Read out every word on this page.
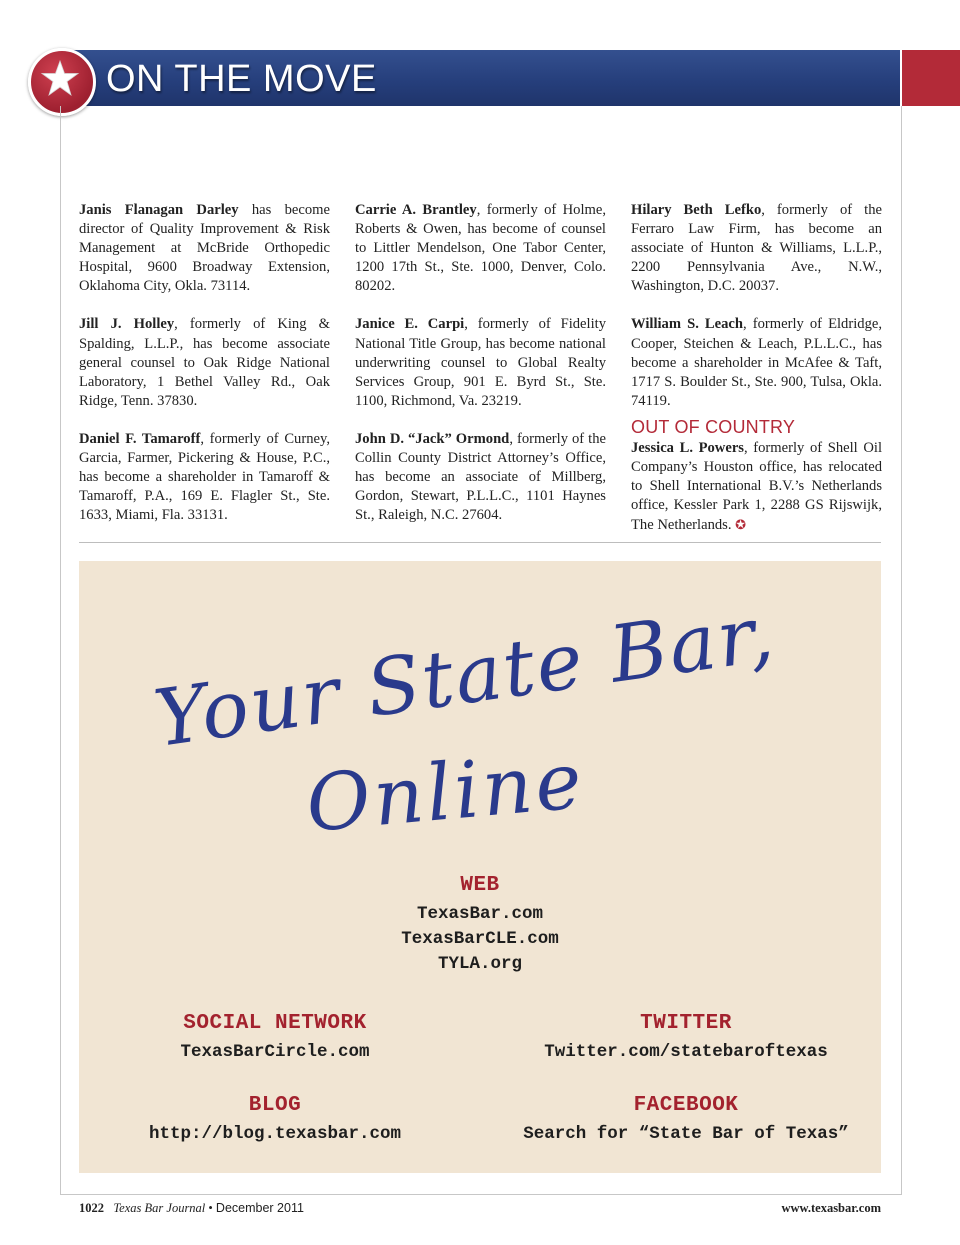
ON THE MOVE

Janis Flanagan Darley has become director of Quality Improvement & Risk Management at McBride Orthopedic Hospital, 9600 Broadway Extension, Oklahoma City, Okla. 73114.

Jill J. Holley, formerly of King & Spalding, L.L.P., has become associate general counsel to Oak Ridge National Laboratory, 1 Bethel Valley Rd., Oak Ridge, Tenn. 37830.

Daniel F. Tamaroff, formerly of Curney, Garcia, Farmer, Pickering & House, P.C., has become a shareholder in Tamaroff & Tamaroff, P.A., 169 E. Flagler St., Ste. 1633, Miami, Fla. 33131.

Carrie A. Brantley, formerly of Holme, Roberts & Owen, has become of counsel to Littler Mendelson, One Tabor Center, 1200 17th St., Ste. 1000, Denver, Colo. 80202.

Janice E. Carpi, formerly of Fidelity National Title Group, has become national underwriting counsel to Global Realty Services Group, 901 E. Byrd St., Ste. 1100, Richmond, Va. 23219.

John D. “Jack” Ormond, formerly of the Collin County District Attorney’s Office, has become an associate of Millberg, Gordon, Stewart, P.L.L.C., 1101 Haynes St., Raleigh, N.C. 27604.

Hilary Beth Lefko, formerly of the Ferraro Law Firm, has become an associate of Hunton & Williams, L.L.P., 2200 Pennsylvania Ave., N.W., Washington, D.C. 20037.

William S. Leach, formerly of Eldridge, Cooper, Steichen & Leach, P.L.L.C., has become a shareholder in McAfee & Taft, 1717 S. Boulder St., Ste. 900, Tulsa, Okla. 74119.

OUT OF COUNTRY

Jessica L. Powers, formerly of Shell Oil Company’s Houston office, has relocated to Shell International B.V.’s Netherlands office, Kessler Park 1, 2288 GS Rijswijk, The Netherlands. ✪

Your State Bar,
Online
WEB
TexasBar.com
TexasBarCLE.com
TYLA.org
SOCIAL NETWORK
TexasBarCircle.com
TWITTER
Twitter.com/statebaroftexas
BLOG
http://blog.texasbar.com
FACEBOOK
Search for “State Bar of Texas”
1022 Texas Bar Journal • December 2011	www.texasbar.com
